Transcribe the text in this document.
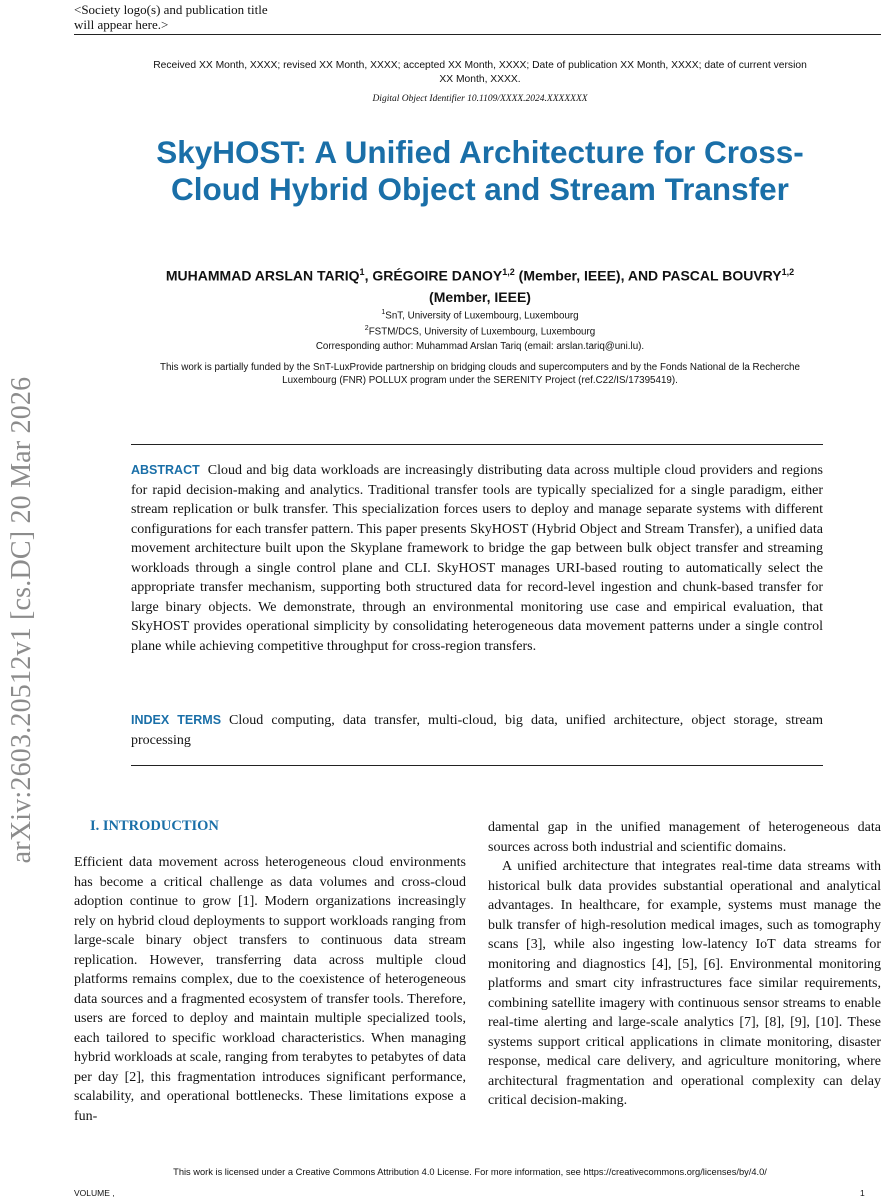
<Society logo(s) and publication title will appear here.>
Received XX Month, XXXX; revised XX Month, XXXX; accepted XX Month, XXXX; Date of publication XX Month, XXXX; date of current version XX Month, XXXX.
Digital Object Identifier 10.1109/XXXX.2024.XXXXXXX
SkyHOST: A Unified Architecture for Cross-Cloud Hybrid Object and Stream Transfer
MUHAMMAD ARSLAN TARIQ$^1$, GRÉGOIRE DANOY$^{1,2}$ (Member, IEEE), AND PASCAL BOUVRY$^{1,2}$ (Member, IEEE)
$^1$SnT, University of Luxembourg, Luxembourg
$^2$FSTM/DCS, University of Luxembourg, Luxembourg
Corresponding author: Muhammad Arslan Tariq (email: arslan.tariq@uni.lu).
This work is partially funded by the SnT-LuxProvide partnership on bridging clouds and supercomputers and by the Fonds National de la Recherche Luxembourg (FNR) POLLUX program under the SERENITY Project (ref.C22/IS/17395419).
ABSTRACT Cloud and big data workloads are increasingly distributing data across multiple cloud providers and regions for rapid decision-making and analytics. Traditional transfer tools are typically specialized for a single paradigm, either stream replication or bulk transfer. This specialization forces users to deploy and manage separate systems with different configurations for each transfer pattern. This paper presents SkyHOST (Hybrid Object and Stream Transfer), a unified data movement architecture built upon the Skyplane framework to bridge the gap between bulk object transfer and streaming workloads through a single control plane and CLI. SkyHOST manages URI-based routing to automatically select the appropriate transfer mechanism, supporting both structured data for record-level ingestion and chunk-based transfer for large binary objects. We demonstrate, through an environmental monitoring use case and empirical evaluation, that SkyHOST provides operational simplicity by consolidating heterogeneous data movement patterns under a single control plane while achieving competitive throughput for cross-region transfers.
INDEX TERMS Cloud computing, data transfer, multi-cloud, big data, unified architecture, object storage, stream processing
arXiv:2603.20512v1 [cs.DC] 20 Mar 2026	I. INTRODUCTION
Efficient data movement across heterogeneous cloud environments has become a critical challenge as data volumes and cross-cloud adoption continue to grow [1]. Modern organizations increasingly rely on hybrid cloud deployments to support workloads ranging from large-scale binary object transfers to continuous data stream replication. However, transferring data across multiple cloud platforms remains complex, due to the coexistence of heterogeneous data sources and a fragmented ecosystem of transfer tools. Therefore, users are forced to deploy and maintain multiple specialized tools, each tailored to specific workload characteristics. When managing hybrid workloads at scale, ranging from terabytes to petabytes of data per day [2], this fragmentation introduces significant performance, scalability, and operational bottlenecks. These limitations expose a fun-

damental gap in the unified management of heterogeneous data sources across both industrial and scientific domains.

A unified architecture that integrates real-time data streams with historical bulk data provides substantial operational and analytical advantages. In healthcare, for example, systems must manage the bulk transfer of high-resolution medical images, such as tomography scans [3], while also ingesting low-latency IoT data streams for monitoring and diagnostics [4], [5], [6]. Environmental monitoring platforms and smart city infrastructures face similar requirements, combining satellite imagery with continuous sensor streams to enable real-time alerting and large-scale analytics [7], [8], [9], [10]. These systems support critical applications in climate monitoring, disaster response, medical care delivery, and agriculture monitoring, where architectural fragmentation and operational complexity can delay critical decision-making.

This work is licensed under a Creative Commons Attribution 4.0 License. For more information, see https://creativecommons.org/licenses/by/4.0/
VOLUME ,	1
